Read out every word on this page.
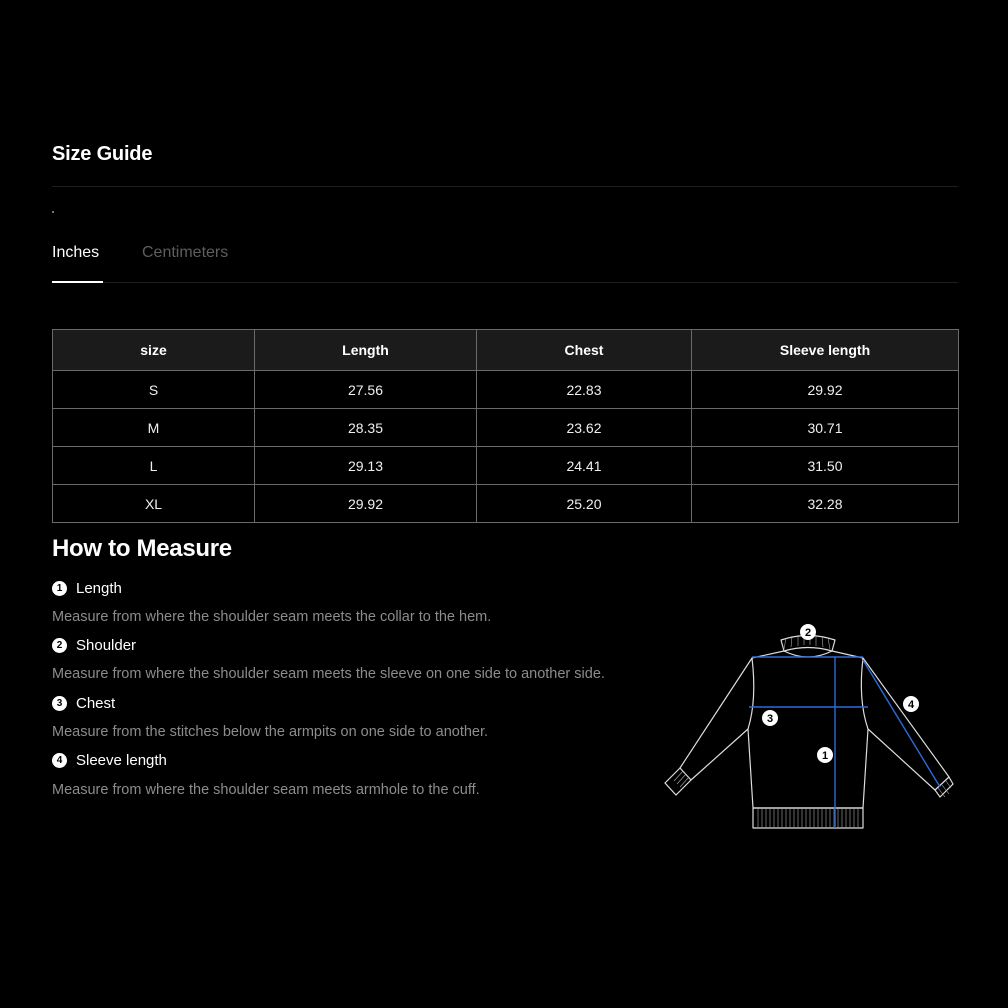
Size Guide
Inches	Centimeters
size	Length	Chest	Sleeve length
S	27.56	22.83	29.92
M	28.35	23.62	30.71
L	29.13	24.41	31.50
XL	29.92	25.20	32.28
How to Measure
1 Length
Measure from where the shoulder seam meets the collar to the hem.
2 Shoulder
Measure from where the shoulder seam meets the sleeve on one side to another side.
3 Chest
Measure from the stitches below the armpits on one side to another.
4 Sleeve length
Measure from where the shoulder seam meets armhole to the cuff.
1
2
3
4
